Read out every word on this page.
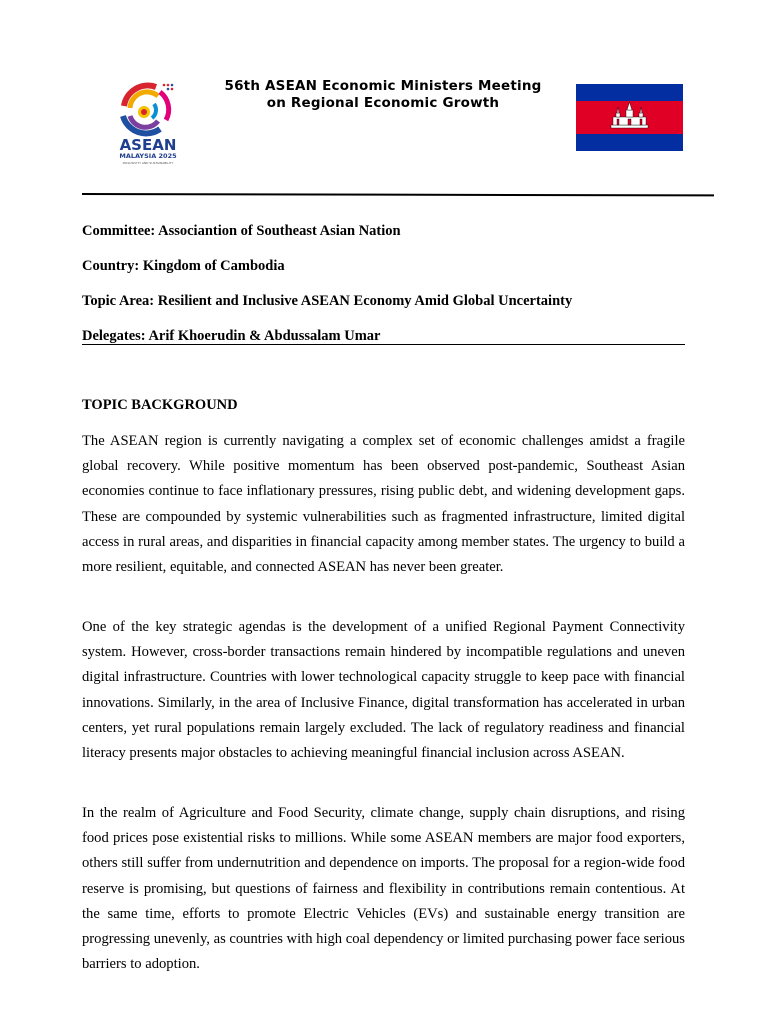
ASEAN
MALAYSIA 2025
INCLUSIVITY AND SUSTAINABILITY
56th ASEAN Economic Ministers Meeting
on Regional Economic Growth
Committee: Associantion of Southeast Asian Nation
Country: Kingdom of Cambodia
Topic Area: Resilient and Inclusive ASEAN Economy Amid Global Uncertainty
Delegates: Arif Khoerudin & Abdussalam Umar
TOPIC BACKGROUND

The ASEAN region is currently navigating a complex set of economic challenges amidst a fragile global recovery. While positive momentum has been observed post-pandemic, Southeast Asian economies continue to face inflationary pressures, rising public debt, and widening development gaps. These are compounded by systemic vulnerabilities such as fragmented infrastructure, limited digital access in rural areas, and disparities in financial capacity among member states. The urgency to build a more resilient, equitable, and connected ASEAN has never been greater.

One of the key strategic agendas is the development of a unified Regional Payment Connectivity system. However, cross-border transactions remain hindered by incompatible regulations and uneven digital infrastructure. Countries with lower technological capacity struggle to keep pace with financial innovations. Similarly, in the area of Inclusive Finance, digital transformation has accelerated in urban centers, yet rural populations remain largely excluded. The lack of regulatory readiness and financial literacy presents major obstacles to achieving meaningful financial inclusion across ASEAN.

In the realm of Agriculture and Food Security, climate change, supply chain disruptions, and rising food prices pose existential risks to millions. While some ASEAN members are major food exporters, others still suffer from undernutrition and dependence on imports. The proposal for a region-wide food reserve is promising, but questions of fairness and flexibility in contributions remain contentious. At the same time, efforts to promote Electric Vehicles (EVs) and sustainable energy transition are progressing unevenly, as countries with high coal dependency or limited purchasing power face serious barriers to adoption.
